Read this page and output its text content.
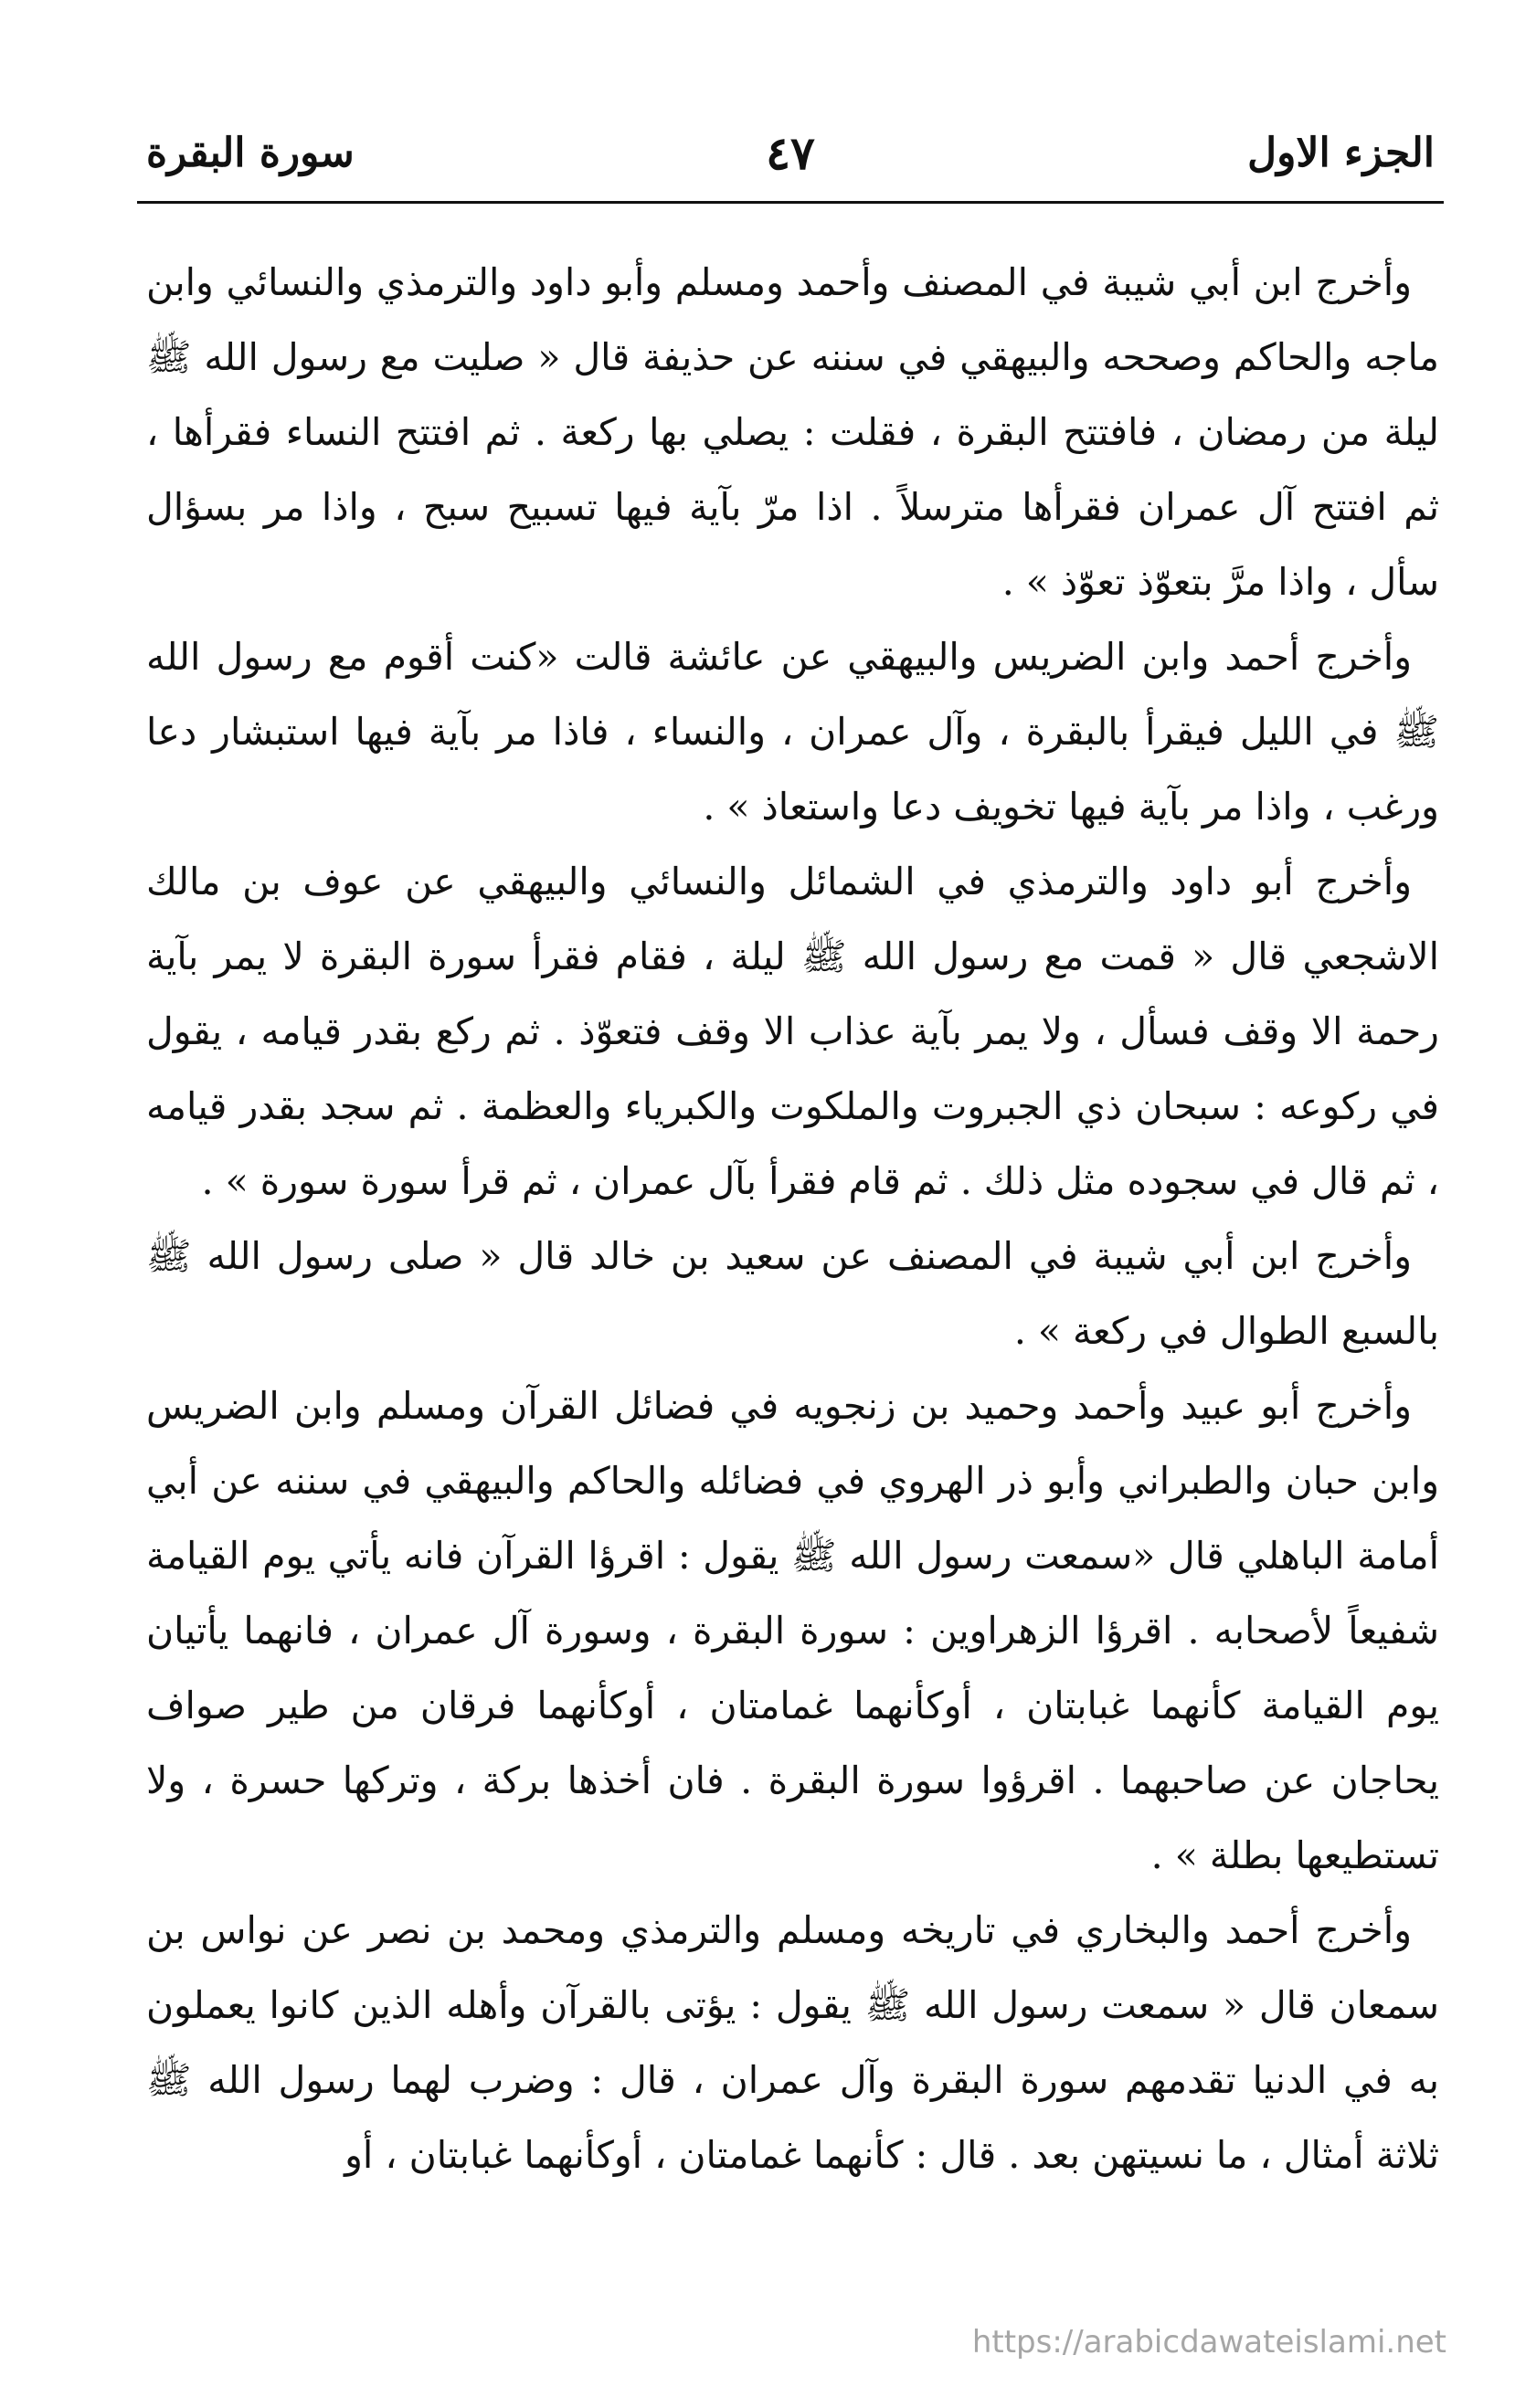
الجزء الاول
٤٧
سورة البقرة

وأخرج ابن أبي شيبة في المصنف وأحمد ومسلم وأبو داود والترمذي والنسائي وابن ماجه والحاكم وصححه والبيهقي في سننه عن حذيفة قال « صليت مع رسول الله ﷺ ليلة من رمضان ، فافتتح البقرة ، فقلت : يصلي بها ركعة . ثم افتتح النساء فقرأها ، ثم افتتح آل عمران فقرأها مترسلاً . اذا مرّ بآية فيها تسبيح سبح ، واذا مر بسؤال سأل ، واذا مرَّ بتعوّذ تعوّذ » .

وأخرج أحمد وابن الضريس والبيهقي عن عائشة قالت «كنت أقوم مع رسول الله ﷺ في الليل فيقرأ بالبقرة ، وآل عمران ، والنساء ، فاذا مر بآية فيها استبشار دعا ورغب ، واذا مر بآية فيها تخويف دعا واستعاذ » .

وأخرج أبو داود والترمذي في الشمائل والنسائي والبيهقي عن عوف بن مالك الاشجعي قال « قمت مع رسول الله ﷺ ليلة ، فقام فقرأ سورة البقرة لا يمر بآية رحمة الا وقف فسأل ، ولا يمر بآية عذاب الا وقف فتعوّذ . ثم ركع بقدر قيامه ، يقول في ركوعه : سبحان ذي الجبروت والملكوت والكبرياء والعظمة . ثم سجد بقدر قيامه ، ثم قال في سجوده مثل ذلك . ثم قام فقرأ بآل عمران ، ثم قرأ سورة سورة » .

وأخرج ابن أبي شيبة في المصنف عن سعيد بن خالد قال « صلى رسول الله ﷺ بالسبع الطوال في ركعة » .

وأخرج أبو عبيد وأحمد وحميد بن زنجويه في فضائل القرآن ومسلم وابن الضريس وابن حبان والطبراني وأبو ذر الهروي في فضائله والحاكم والبيهقي في سننه عن أبي أمامة الباهلي قال «سمعت رسول الله ﷺ يقول : اقرؤا القرآن فانه يأتي يوم القيامة شفيعاً لأصحابه . اقرؤا الزهراوين : سورة البقرة ، وسورة آل عمران ، فانهما يأتيان يوم القيامة كأنهما غبابتان ، أوكأنهما غمامتان ، أوكأنهما فرقان من طير صواف يحاجان عن صاحبهما . اقرؤوا سورة البقرة . فان أخذها بركة ، وتركها حسرة ، ولا تستطيعها بطلة » .

وأخرج أحمد والبخاري في تاريخه ومسلم والترمذي ومحمد بن نصر عن نواس بن سمعان قال « سمعت رسول الله ﷺ يقول : يؤتى بالقرآن وأهله الذين كانوا يعملون به في الدنيا تقدمهم سورة البقرة وآل عمران ، قال : وضرب لهما رسول الله ﷺ ثلاثة أمثال ، ما نسيتهن بعد . قال : كأنهما غمامتان ، أوكأنهما غبابتان ، أو

https://arabicdawateislami.net
